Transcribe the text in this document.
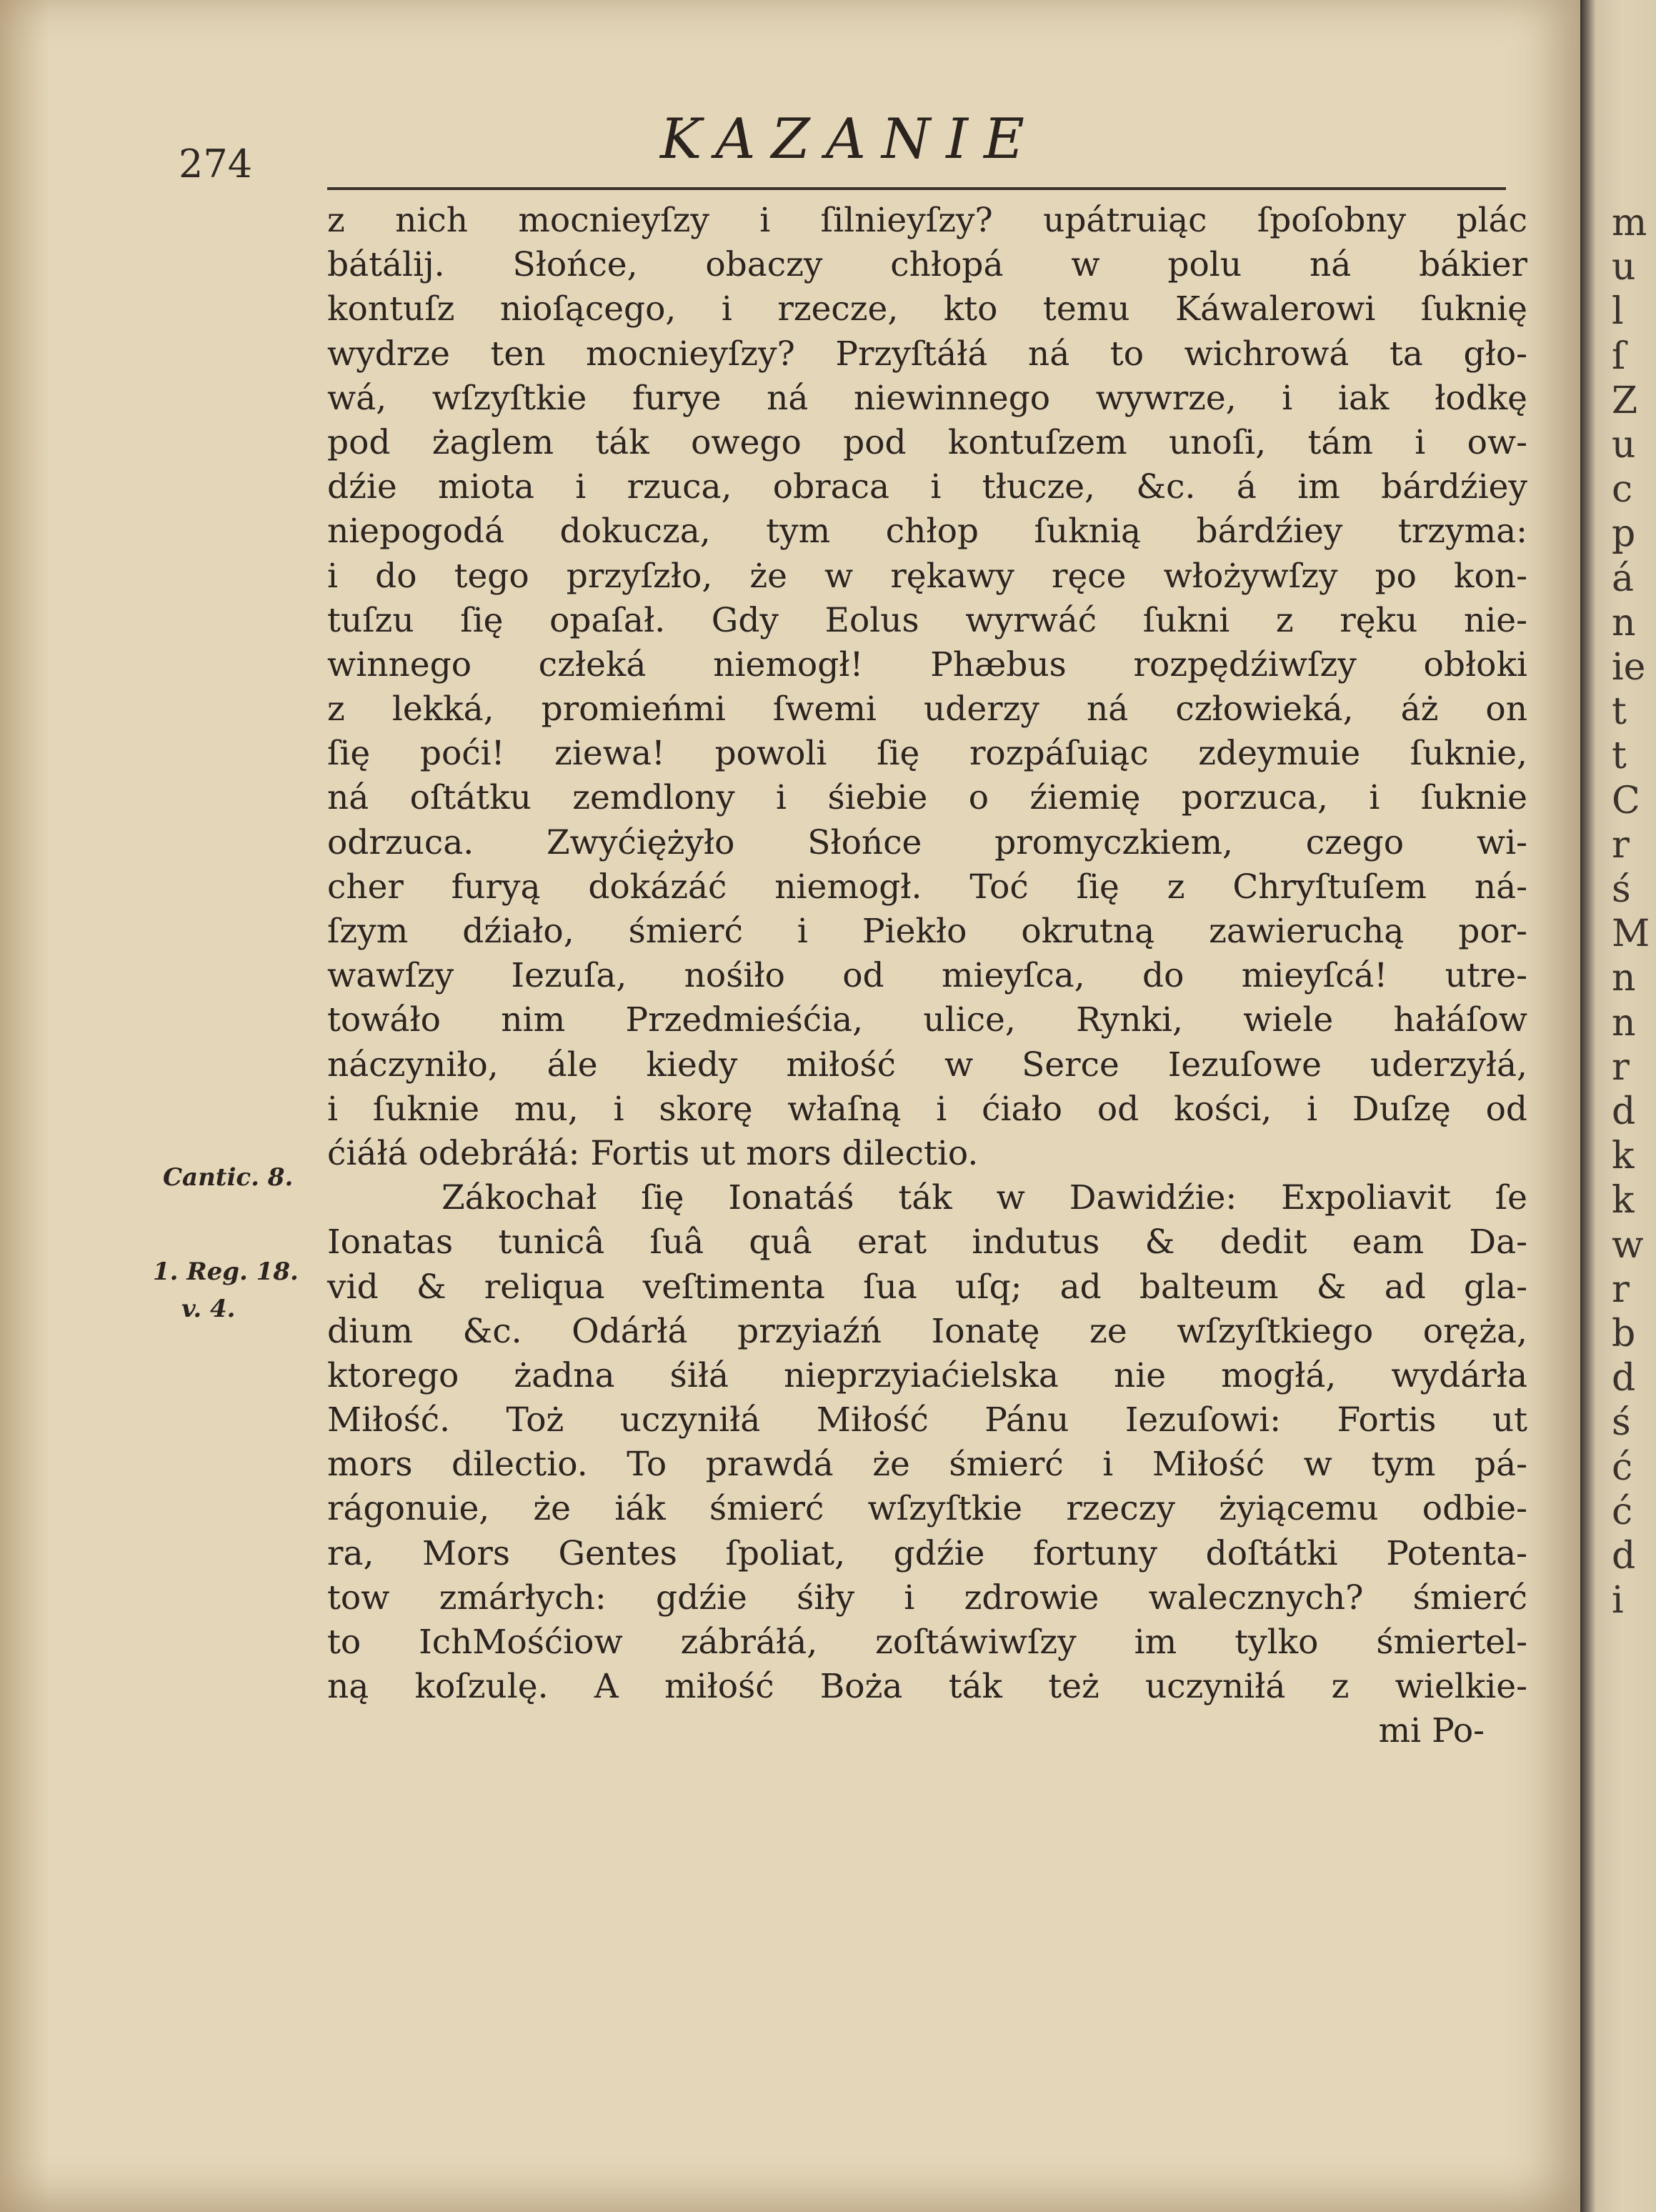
274	KAZANIE
z nich mocnieyſzy i ſilnieyſzy? upátruiąc ſpoſobny plác
bátálij. Słońce, obaczy chłopá w polu ná bákier
kontuſz nioſącego, i rzecze, kto temu Káwalerowi ſuknię
wydrze ten mocnieyſzy? Przyſtáłá ná to wichrowá ta gło-
wá, wſzyſtkie furye ná niewinnego wywrze, i iak łodkę
pod żaglem ták owego pod kontuſzem unoſi, tám i ow-
dźie miota i rzuca, obraca i tłucze, &c. á im bárdźiey
niepogodá dokucza, tym chłop ſuknią bárdźiey trzyma:
i do tego przyſzło, że w rękawy ręce włożywſzy po kon-
tuſzu ſię opaſał. Gdy Eolus wyrwáć ſukni z ręku nie-
winnego człeká niemogł! Phæbus rozpędźiwſzy obłoki
z lekká, promieńmi ſwemi uderzy ná człowieká, áż on
ſię poći! ziewa! powoli ſię rozpáſuiąc zdeymuie ſuknie,
ná oſtátku zemdlony i śiebie o źiemię porzuca, i ſuknie
odrzuca. Zwyćiężyło Słońce promyczkiem, czego wi-
cher furyą dokázáć niemogł. Toć ſię z Chryſtuſem ná-
ſzym dźiało, śmierć i Piekło okrutną zawieruchą por-
wawſzy Iezuſa, nośiło od mieyſca, do mieyſcá! utre-
towáło nim Przedmieśćia, ulice, Rynki, wiele hałáſow
náczyniło, ále kiedy miłość w Serce Iezuſowe uderzyłá,
i ſuknie mu, i skorę właſną i ćiało od kości, i Duſzę od
ćiáłá odebráłá: Fortis ut mors dilectio.
Zákochał ſię Ionatáś ták w Dawidźie: Expoliavit ſe
Ionatas tunicâ ſuâ quâ erat indutus & dedit eam Da-
vid & reliqua veſtimenta ſua uſq; ad balteum & ad gla-
dium &c. Odárłá przyiaźń Ionatę ze wſzyſtkiego oręża,
ktorego żadna śiłá nieprzyiaćielska nie mogłá, wydárła
Miłość. Toż uczyniłá Miłość Pánu Iezuſowi: Fortis ut
mors dilectio. To prawdá że śmierć i Miłość w tym pá-
rágonuie, że iák śmierć wſzyſtkie rzeczy żyiącemu odbie-
ra, Mors Gentes ſpoliat, gdźie fortuny doſtátki Potenta-
tow zmárłych: gdźie śiły i zdrowie walecznych? śmierć
to IchMośćiow zábráłá, zoſtáwiwſzy im tylko śmiertel-
ną koſzulę. A miłość Boża ták też uczyniłá z wielkie-
mi Po-
Cantic. 8.
1. Reg. 18.
v. 4.
m
u
l
ſ
Z
u
c
p
á
n
ie
t
t
C
r
ś
M
n
n
r
d
k
k
w
r
b
d
ś
ć
ć
d
i
